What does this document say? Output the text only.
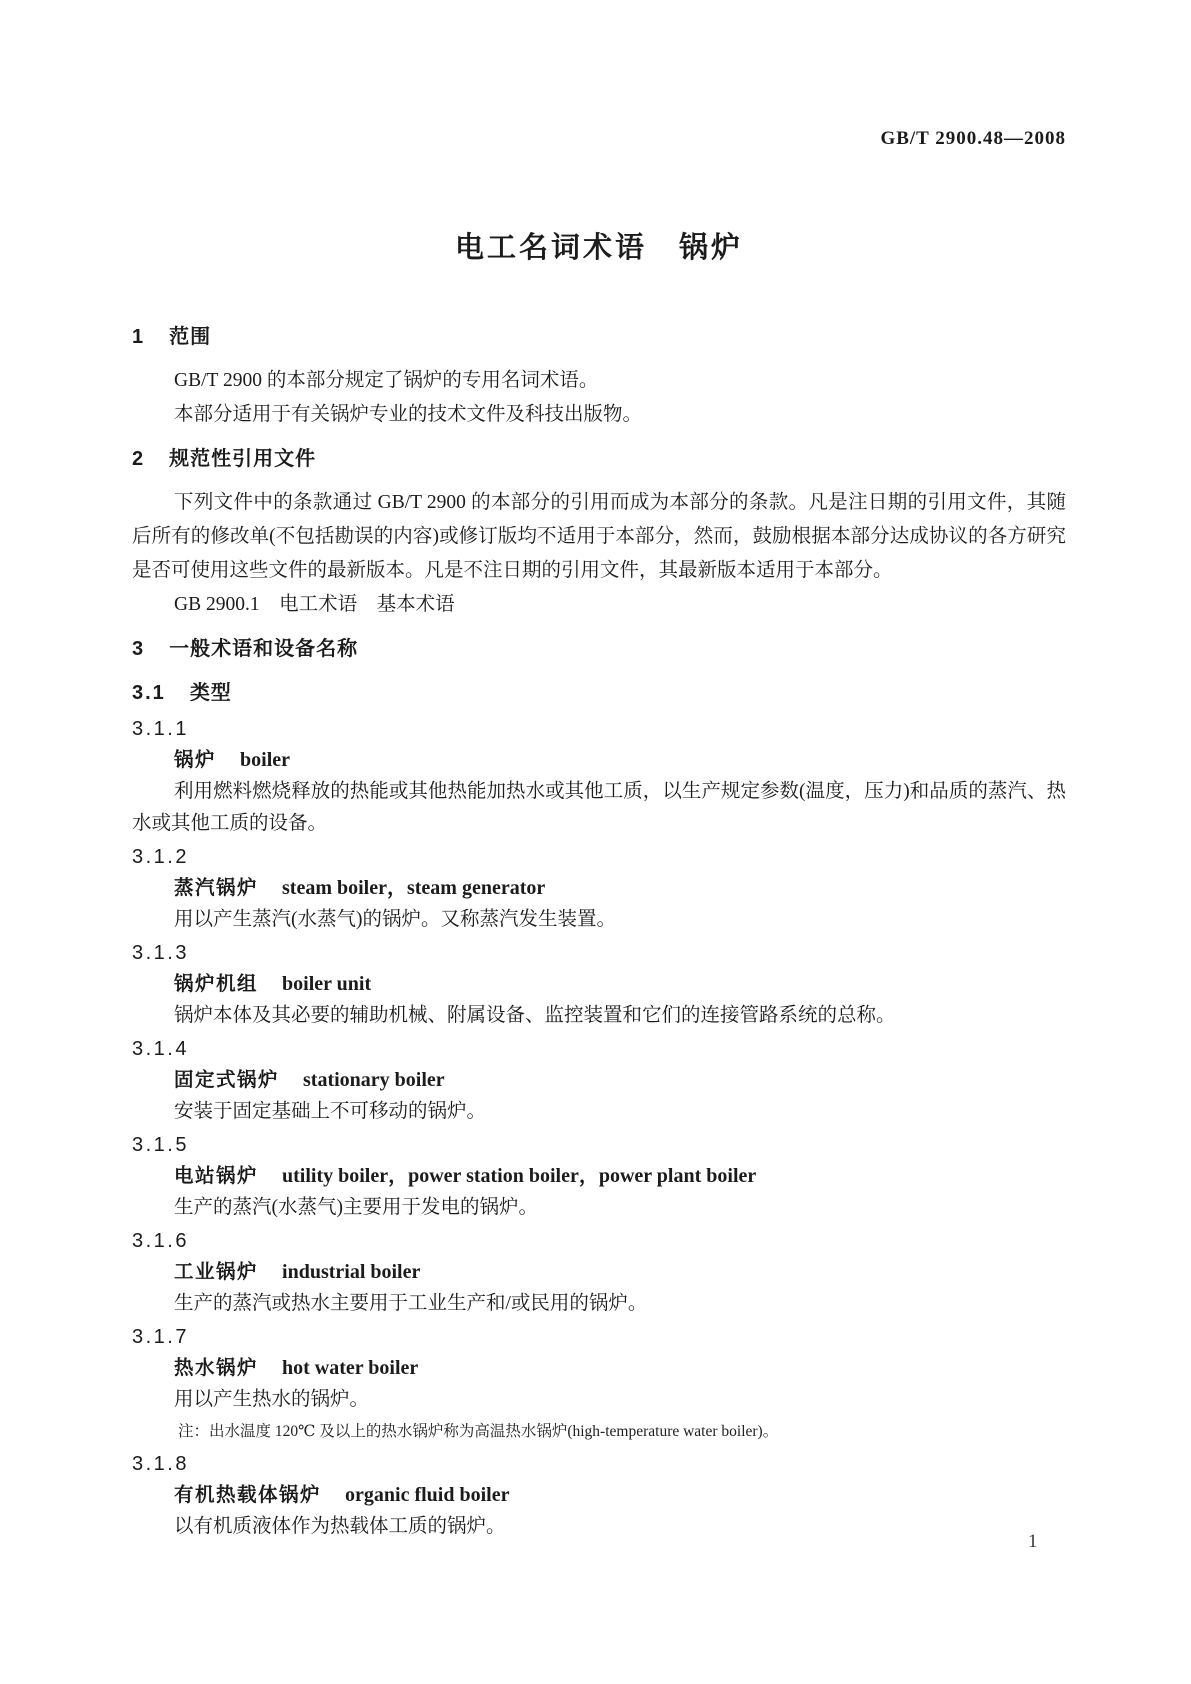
GB/T 2900.48—2008
电工名词术语　锅炉
1 范围
GB/T 2900 的本部分规定了锅炉的专用名词术语。
本部分适用于有关锅炉专业的技术文件及科技出版物。
2 规范性引用文件
下列文件中的条款通过 GB/T 2900 的本部分的引用而成为本部分的条款。凡是注日期的引用文件，其随后所有的修改单(不包括勘误的内容)或修订版均不适用于本部分，然而，鼓励根据本部分达成协议的各方研究是否可使用这些文件的最新版本。凡是不注日期的引用文件，其最新版本适用于本部分。
GB 2900.1　电工术语　基本术语
3 一般术语和设备名称
3.1 类型
3.1.1
锅炉 boiler
利用燃料燃烧释放的热能或其他热能加热水或其他工质，以生产规定参数(温度，压力)和品质的蒸汽、热水或其他工质的设备。
3.1.2
蒸汽锅炉 steam boiler，steam generator
用以产生蒸汽(水蒸气)的锅炉。又称蒸汽发生装置。
3.1.3
锅炉机组 boiler unit
锅炉本体及其必要的辅助机械、附属设备、监控装置和它们的连接管路系统的总称。
3.1.4
固定式锅炉 stationary boiler
安装于固定基础上不可移动的锅炉。
3.1.5
电站锅炉 utility boiler，power station boiler，power plant boiler
生产的蒸汽(水蒸气)主要用于发电的锅炉。
3.1.6
工业锅炉 industrial boiler
生产的蒸汽或热水主要用于工业生产和/或民用的锅炉。
3.1.7
热水锅炉 hot water boiler
用以产生热水的锅炉。
注：出水温度 120℃ 及以上的热水锅炉称为高温热水锅炉(high-temperature water boiler)。
3.1.8
有机热载体锅炉 organic fluid boiler
以有机质液体作为热载体工质的锅炉。
1
